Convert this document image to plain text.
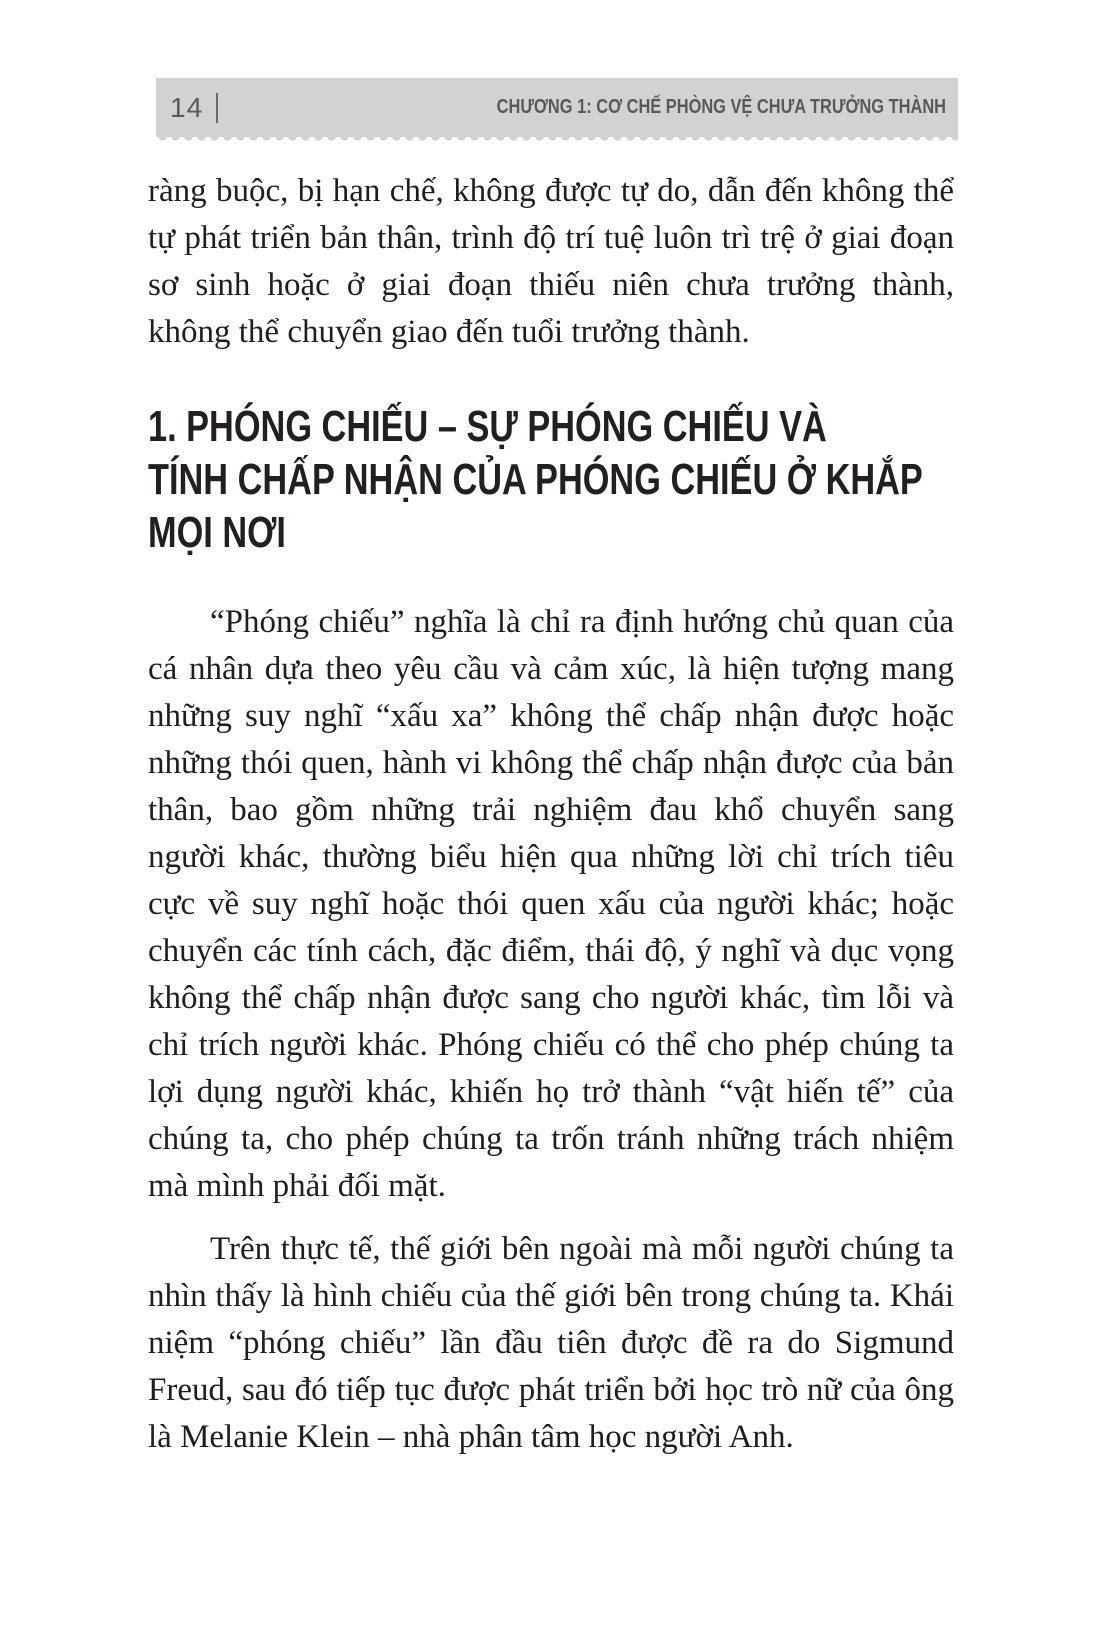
14	CHƯƠNG 1: CƠ CHẾ PHÒNG VỆ CHƯA TRƯỞNG THÀNH

ràng buộc, bị hạn chế, không được tự do, dẫn đến không thể tự phát triển bản thân, trình độ trí tuệ luôn trì trệ ở giai đoạn sơ sinh hoặc ở giai đoạn thiếu niên chưa trưởng thành, không thể chuyển giao đến tuổi trưởng thành.

1. PHÓNG CHIẾU – SỰ PHÓNG CHIẾU VÀ
TÍNH CHẤP NHẬN CỦA PHÓNG CHIẾU Ở KHẮP
MỌI NƠI

“Phóng chiếu” nghĩa là chỉ ra định hướng chủ quan của cá nhân dựa theo yêu cầu và cảm xúc, là hiện tượng mang những suy nghĩ “xấu xa” không thể chấp nhận được hoặc những thói quen, hành vi không thể chấp nhận được của bản thân, bao gồm những trải nghiệm đau khổ chuyển sang người khác, thường biểu hiện qua những lời chỉ trích tiêu cực về suy nghĩ hoặc thói quen xấu của người khác; hoặc chuyển các tính cách, đặc điểm, thái độ, ý nghĩ và dục vọng không thể chấp nhận được sang cho người khác, tìm lỗi và chỉ trích người khác. Phóng chiếu có thể cho phép chúng ta lợi dụng người khác, khiến họ trở thành “vật hiến tế” của chúng ta, cho phép chúng ta trốn tránh những trách nhiệm mà mình phải đối mặt.

Trên thực tế, thế giới bên ngoài mà mỗi người chúng ta nhìn thấy là hình chiếu của thế giới bên trong chúng ta. Khái niệm “phóng chiếu” lần đầu tiên được đề ra do Sigmund Freud, sau đó tiếp tục được phát triển bởi học trò nữ của ông là Melanie Klein – nhà phân tâm học người Anh.
